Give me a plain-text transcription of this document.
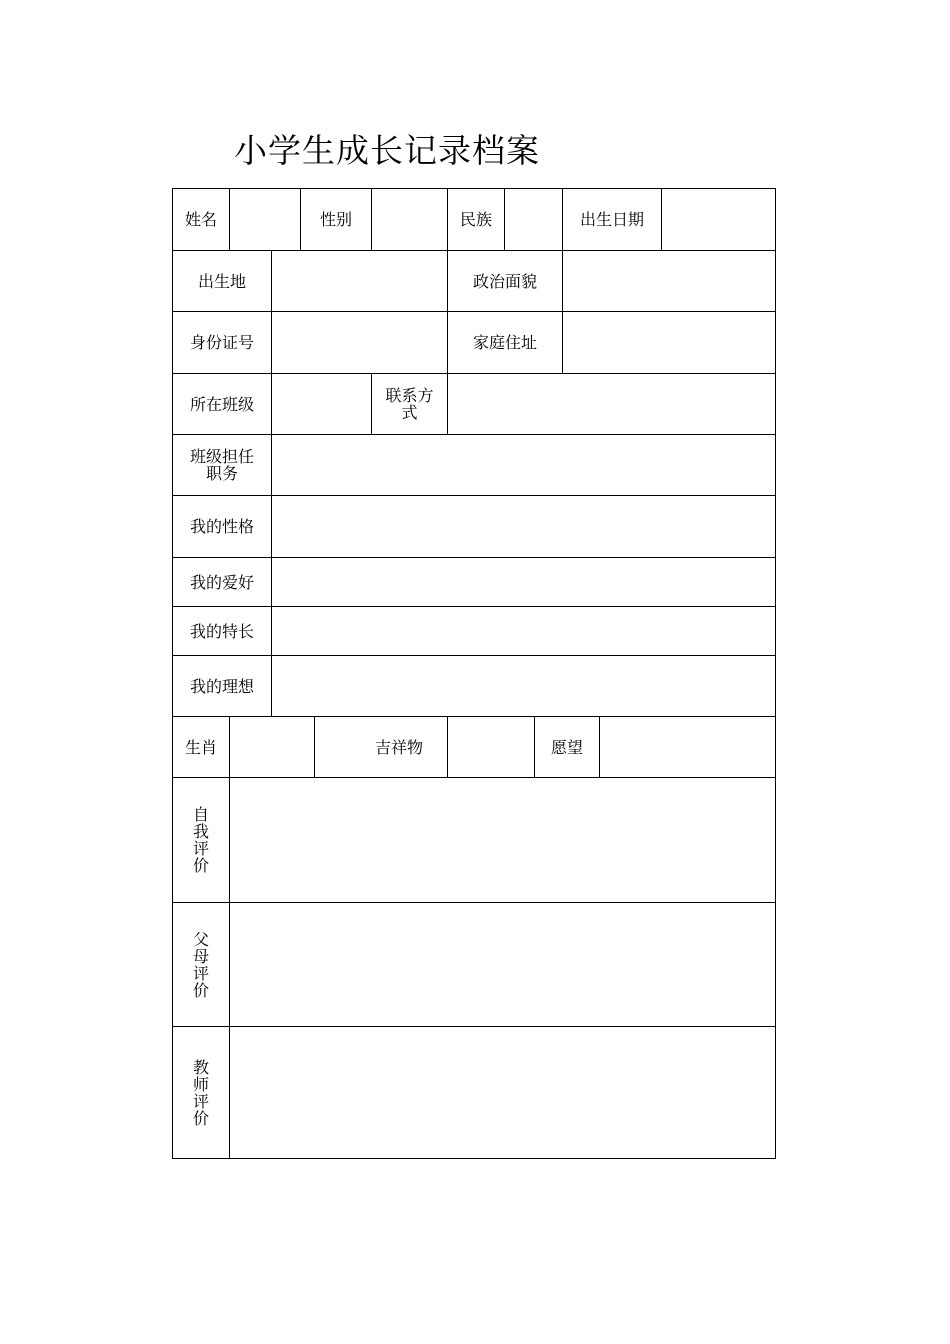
小学生成长记录档案
姓名	性别	民族	出生日期
出生地	政治面貌
身份证号	家庭住址
所在班级	联系方式
班级担任职务
我的性格
我的爱好
我的特长
我的理想
生肖	吉祥物	愿望
自我评价
父母评价
教师评价
